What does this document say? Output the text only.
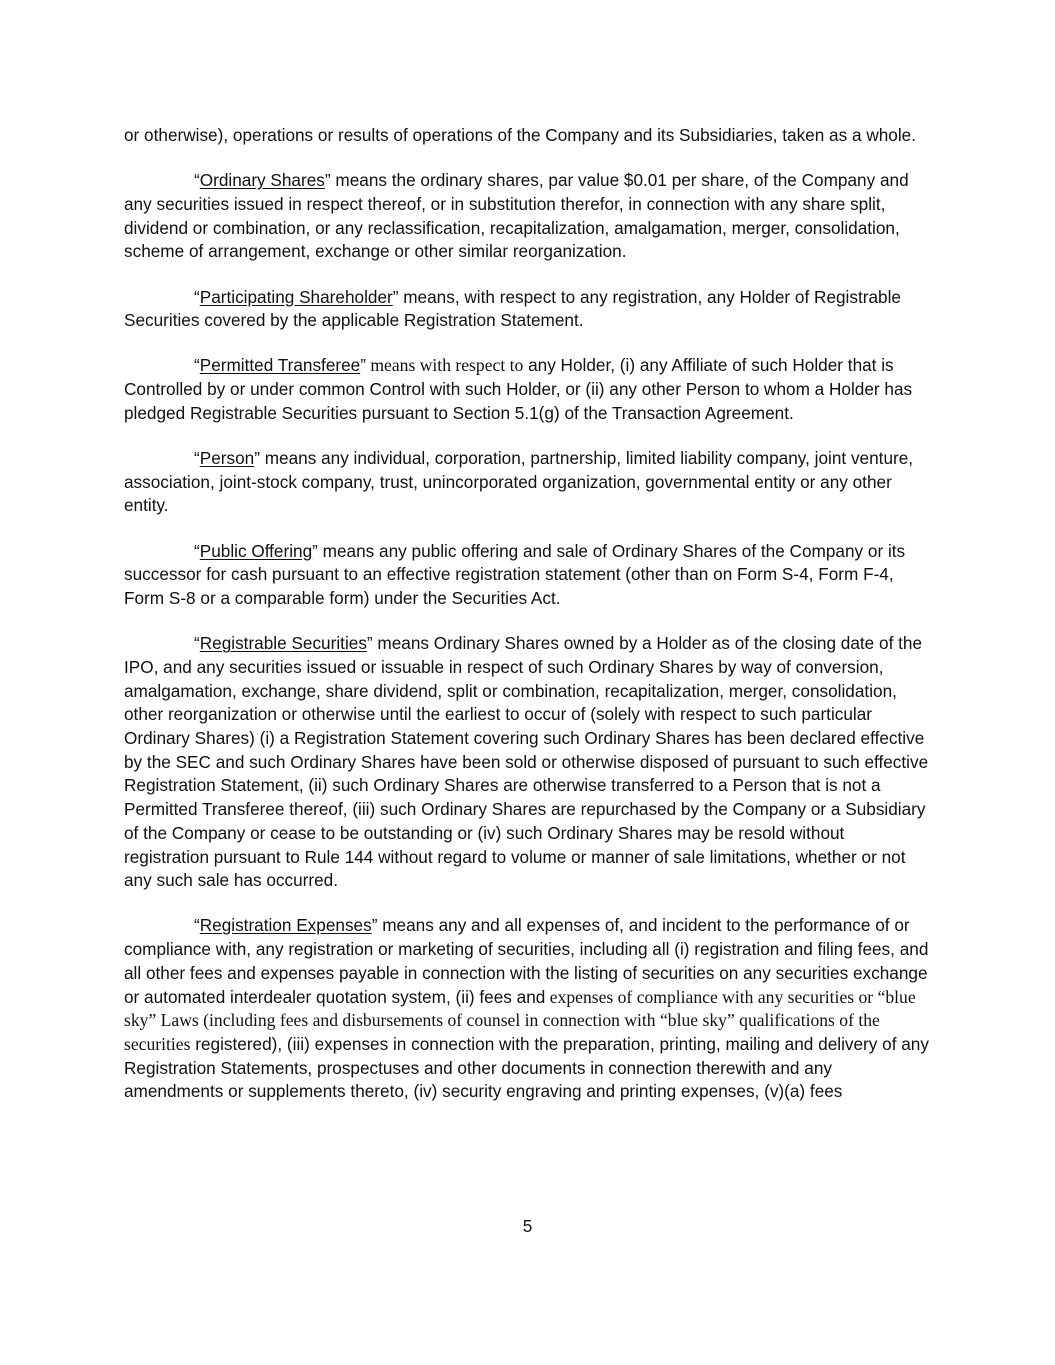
or otherwise), operations or results of operations of the Company and its Subsidiaries, taken as a whole.

“Ordinary Shares” means the ordinary shares, par value $0.01 per share, of the Company and any securities issued in respect thereof, or in substitution therefor, in connection with any share split, dividend or combination, or any reclassification, recapitalization, amalgamation, merger, consolidation, scheme of arrangement, exchange or other similar reorganization.

“Participating Shareholder” means, with respect to any registration, any Holder of Registrable Securities covered by the applicable Registration Statement.

“Permitted Transferee” means with respect to any Holder, (i) any Affiliate of such Holder that is Controlled by or under common Control with such Holder, or (ii) any other Person to whom a Holder has pledged Registrable Securities pursuant to Section 5.1(g) of the Transaction Agreement.

“Person” means any individual, corporation, partnership, limited liability company, joint venture, association, joint-stock company, trust, unincorporated organization, governmental entity or any other entity.

“Public Offering” means any public offering and sale of Ordinary Shares of the Company or its successor for cash pursuant to an effective registration statement (other than on Form S-4, Form F-4, Form S-8 or a comparable form) under the Securities Act.

“Registrable Securities” means Ordinary Shares owned by a Holder as of the closing date of the IPO, and any securities issued or issuable in respect of such Ordinary Shares by way of conversion, amalgamation, exchange, share dividend, split or combination, recapitalization, merger, consolidation, other reorganization or otherwise until the earliest to occur of (solely with respect to such particular Ordinary Shares) (i) a Registration Statement covering such Ordinary Shares has been declared effective by the SEC and such Ordinary Shares have been sold or otherwise disposed of pursuant to such effective Registration Statement, (ii) such Ordinary Shares are otherwise transferred to a Person that is not a Permitted Transferee thereof, (iii) such Ordinary Shares are repurchased by the Company or a Subsidiary of the Company or cease to be outstanding or (iv) such Ordinary Shares may be resold without registration pursuant to Rule 144 without regard to volume or manner of sale limitations, whether or not any such sale has occurred.

“Registration Expenses” means any and all expenses of, and incident to the performance of or compliance with, any registration or marketing of securities, including all (i) registration and filing fees, and all other fees and expenses payable in connection with the listing of securities on any securities exchange or automated interdealer quotation system, (ii) fees and expenses of compliance with any securities or “blue sky” Laws (including fees and disbursements of counsel in connection with “blue sky” qualifications of the securities registered), (iii) expenses in connection with the preparation, printing, mailing and delivery of any Registration Statements, prospectuses and other documents in connection therewith and any amendments or supplements thereto, (iv) security engraving and printing expenses, (v)(a) fees

5
